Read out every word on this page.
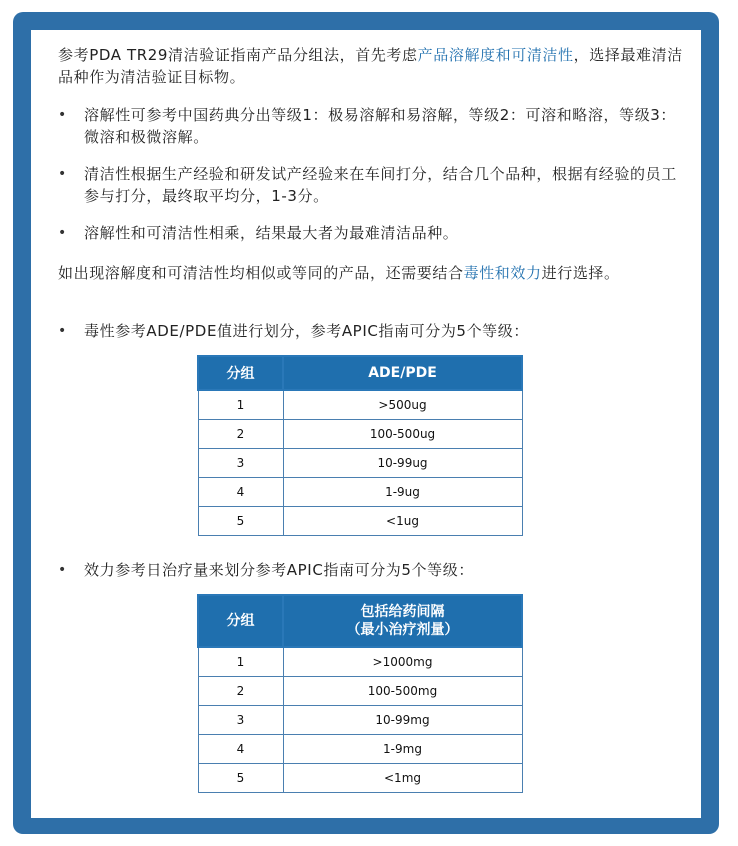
参考PDA TR29清洁验证指南产品分组法，首先考虑产品溶解度和可清洁性，选择最难清洁品种作为清洁验证目标物。
• 溶解性可参考中国药典分出等级1：极易溶解和易溶解，等级2：可溶和略溶，等级3：微溶和极微溶解。
• 清洁性根据生产经验和研发试产经验来在车间打分，结合几个品种，根据有经验的员工参与打分，最终取平均分，1-3分。
• 溶解性和可清洁性相乘，结果最大者为最难清洁品种。
如出现溶解度和可清洁性均相似或等同的产品，还需要结合毒性和效力进行选择。
• 毒性参考ADE/PDE值进行划分，参考APIC指南可分为5个等级：
分组	ADE/PDE
1	>500ug
2	100-500ug
3	10-99ug
4	1-9ug
5	<1ug
• 效力参考日治疗量来划分参考APIC指南可分为5个等级：
分组	包括给药间隔
（最小治疗剂量）

1	>1000mg
2	100-500mg
3	10-99mg
4	1-9mg
5	<1mg
